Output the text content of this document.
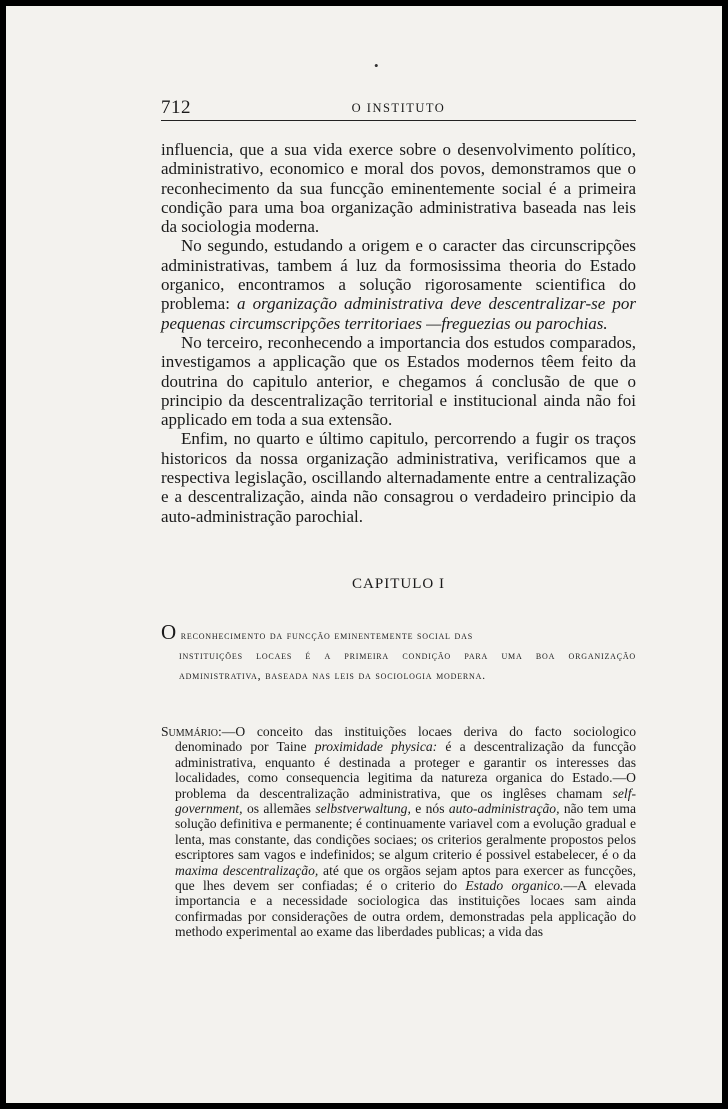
•
712	O INSTITUTO

influencia, que a sua vida exerce sobre o desenvolvimento político, administrativo, economico e moral dos povos, demonstramos que o reconhecimento da sua funcção eminentemente social é a primeira condição para uma boa organização administrativa baseada nas leis da sociologia moderna.

No segundo, estudando a origem e o caracter das circunscripções administrativas, tambem á luz da formosissima theoria do Estado organico, encontramos a solução rigorosamente scientifica do problema: a organização administrativa deve descentralizar-se por pequenas circumscripções territoriaes —freguezias ou parochias.

No terceiro, reconhecendo a importancia dos estudos comparados, investigamos a applicação que os Estados modernos têem feito da doutrina do capitulo anterior, e chegamos á conclusão de que o principio da descentralização territorial e institucional ainda não foi applicado em toda a sua extensão.

Enfim, no quarto e último capitulo, percorrendo a fugir os traços historicos da nossa organização administrativa, verificamos que a respectiva legislação, oscillando alternadamente entre a centralização e a descentralização, ainda não consagrou o verdadeiro principio da auto-administração parochial.

CAPITULO I
O reconhecimento da funcção eminentemente social das
instituições locaes é a primeira condição para uma boa organização administrativa, baseada nas leis da sociologia moderna.
Summário:—O conceito das instituições locaes deriva do facto sociologico denominado por Taine proximidade physica: é a descentralização da funcção administrativa, enquanto é destinada a proteger e garantir os interesses das localidades, como consequencia legitima da natureza organica do Estado.—O problema da descentralização administrativa, que os inglêses chamam self-government, os allemães selbstverwaltung, e nós auto-administração, não tem uma solução definitiva e permanente; é continuamente variavel com a evolução gradual e lenta, mas constante, das condições sociaes; os criterios geralmente propostos pelos escriptores sam vagos e indefinidos; se algum criterio é possivel estabelecer, é o da maxima descentralização, até que os orgãos sejam aptos para exercer as funcções, que lhes devem ser confiadas; é o criterio do Estado organico.—A elevada importancia e a necessidade sociologica das instituições locaes sam ainda confirmadas por considerações de outra ordem, demonstradas pela applicação do methodo experimental ao exame das liberdades publicas; a vida das
